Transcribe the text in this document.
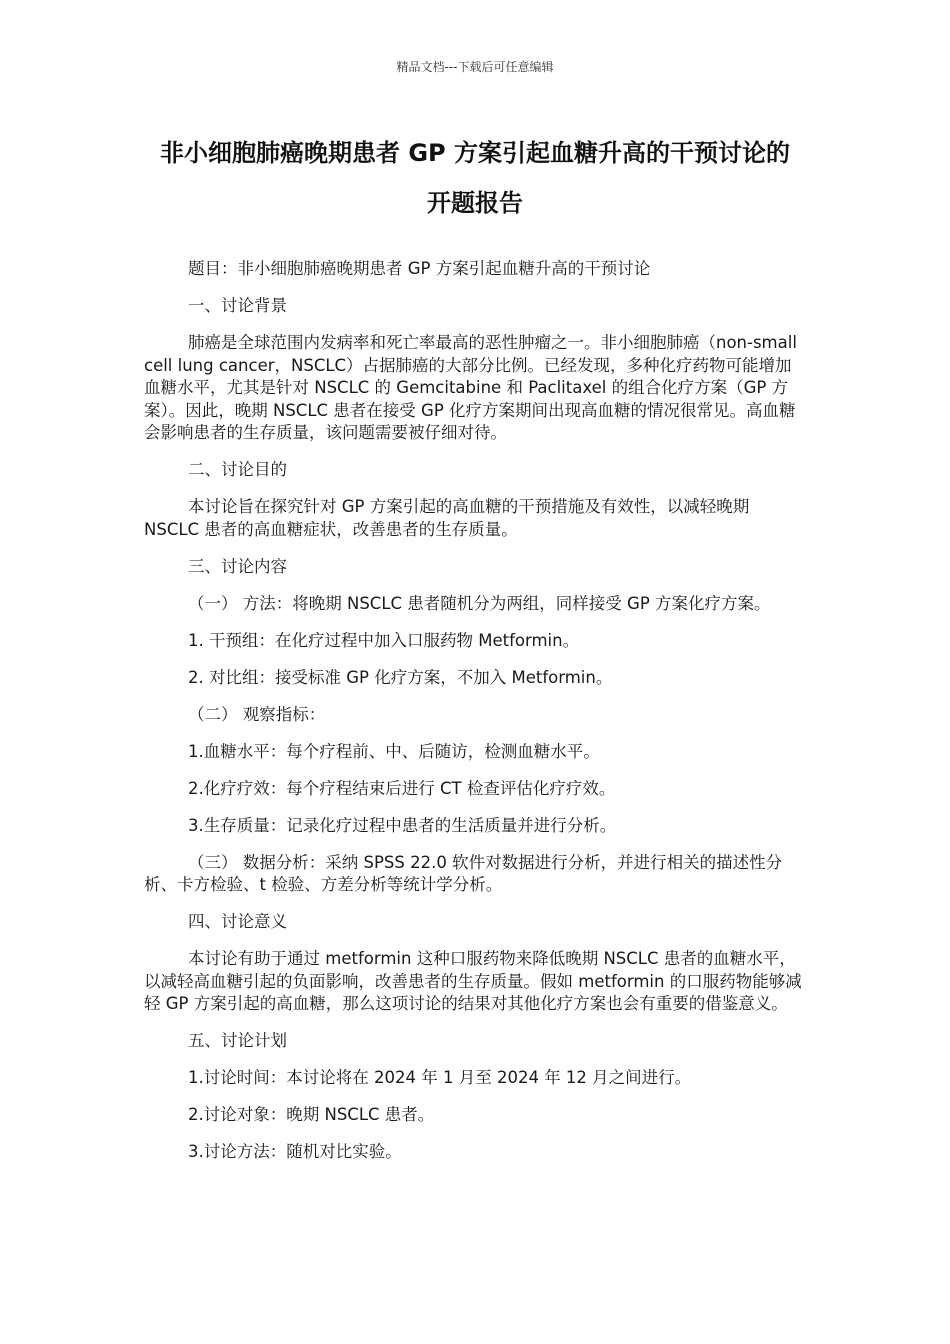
精品文档---下载后可任意编辑
非小细胞肺癌晚期患者 GP 方案引起血糖升高的干预讨论的
开题报告

题目：非小细胞肺癌晚期患者 GP 方案引起血糖升高的干预讨论

一、讨论背景

肺癌是全球范围内发病率和死亡率最高的恶性肿瘤之一。非小细胞肺癌（non-small cell lung cancer，NSCLC）占据肺癌的大部分比例。已经发现，多种化疗药物可能增加血糖水平，尤其是针对 NSCLC 的 Gemcitabine 和 Paclitaxel 的组合化疗方案（GP 方案）。因此，晚期 NSCLC 患者在接受 GP 化疗方案期间出现高血糖的情况很常见。高血糖会影响患者的生存质量，该问题需要被仔细对待。

二、讨论目的

本讨论旨在探究针对 GP 方案引起的高血糖的干预措施及有效性，以减轻晚期 NSCLC 患者的高血糖症状，改善患者的生存质量。

三、讨论内容

（一） 方法：将晚期 NSCLC 患者随机分为两组，同样接受 GP 方案化疗方案。

1. 干预组：在化疗过程中加入口服药物 Metformin。

2. 对比组：接受标准 GP 化疗方案，不加入 Metformin。

（二） 观察指标：

1.血糖水平：每个疗程前、中、后随访，检测血糖水平。

2.化疗疗效：每个疗程结束后进行 CT 检查评估化疗疗效。

3.生存质量：记录化疗过程中患者的生活质量并进行分析。

（三） 数据分析：采纳 SPSS 22.0 软件对数据进行分析，并进行相关的描述性分析、卡方检验、t 检验、方差分析等统计学分析。

四、讨论意义

本讨论有助于通过 metformin 这种口服药物来降低晚期 NSCLC 患者的血糖水平，以减轻高血糖引起的负面影响，改善患者的生存质量。假如 metformin 的口服药物能够减轻 GP 方案引起的高血糖，那么这项讨论的结果对其他化疗方案也会有重要的借鉴意义。

五、讨论计划

1.讨论时间：本讨论将在 2024 年 1 月至 2024 年 12 月之间进行。

2.讨论对象：晚期 NSCLC 患者。

3.讨论方法：随机对比实验。
